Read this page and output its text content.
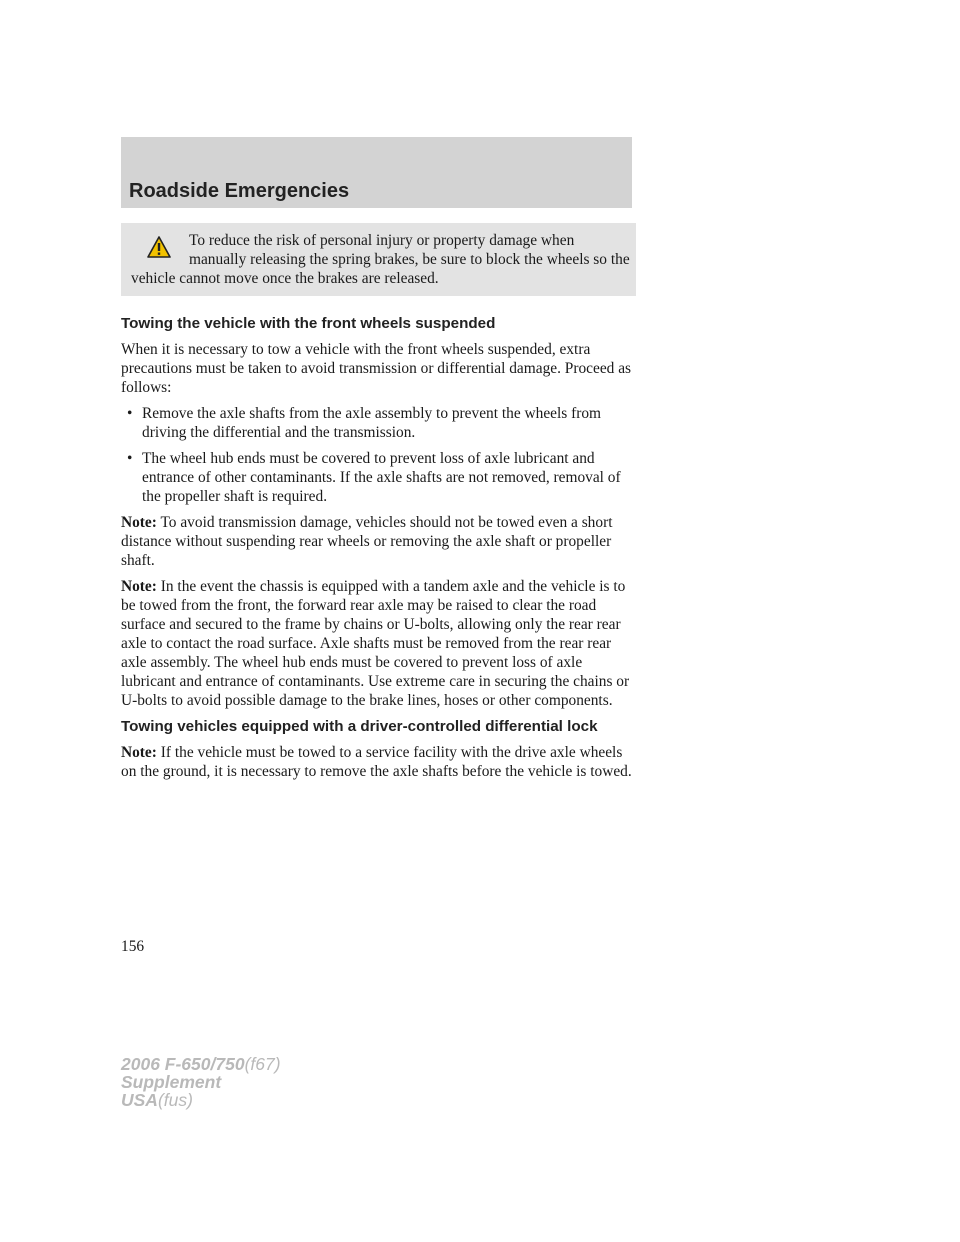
Roadside Emergencies

To reduce the risk of personal injury or property damage when manually releasing the spring brakes, be sure to block the wheels so the vehicle cannot move once the brakes are released.

Towing the vehicle with the front wheels suspended

When it is necessary to tow a vehicle with the front wheels suspended, extra precautions must be taken to avoid transmission or differential damage. Proceed as follows:

• Remove the axle shafts from the axle assembly to prevent the wheels from driving the differential and the transmission.
• The wheel hub ends must be covered to prevent loss of axle lubricant and entrance of other contaminants. If the axle shafts are not removed, removal of the propeller shaft is required.

Note: To avoid transmission damage, vehicles should not be towed even a short distance without suspending rear wheels or removing the axle shaft or propeller shaft.

Note: In the event the chassis is equipped with a tandem axle and the vehicle is to be towed from the front, the forward rear axle may be raised to clear the road surface and secured to the frame by chains or U-bolts, allowing only the rear rear axle to contact the road surface. Axle shafts must be removed from the rear rear axle assembly. The wheel hub ends must be covered to prevent loss of axle lubricant and entrance of contaminants. Use extreme care in securing the chains or U-bolts to avoid possible damage to the brake lines, hoses or other components.

Towing vehicles equipped with a driver-controlled differential lock

Note: If the vehicle must be towed to a service facility with the drive axle wheels on the ground, it is necessary to remove the axle shafts before the vehicle is towed.

156

2006 F-650/750(f67)
Supplement
USA(fus)
